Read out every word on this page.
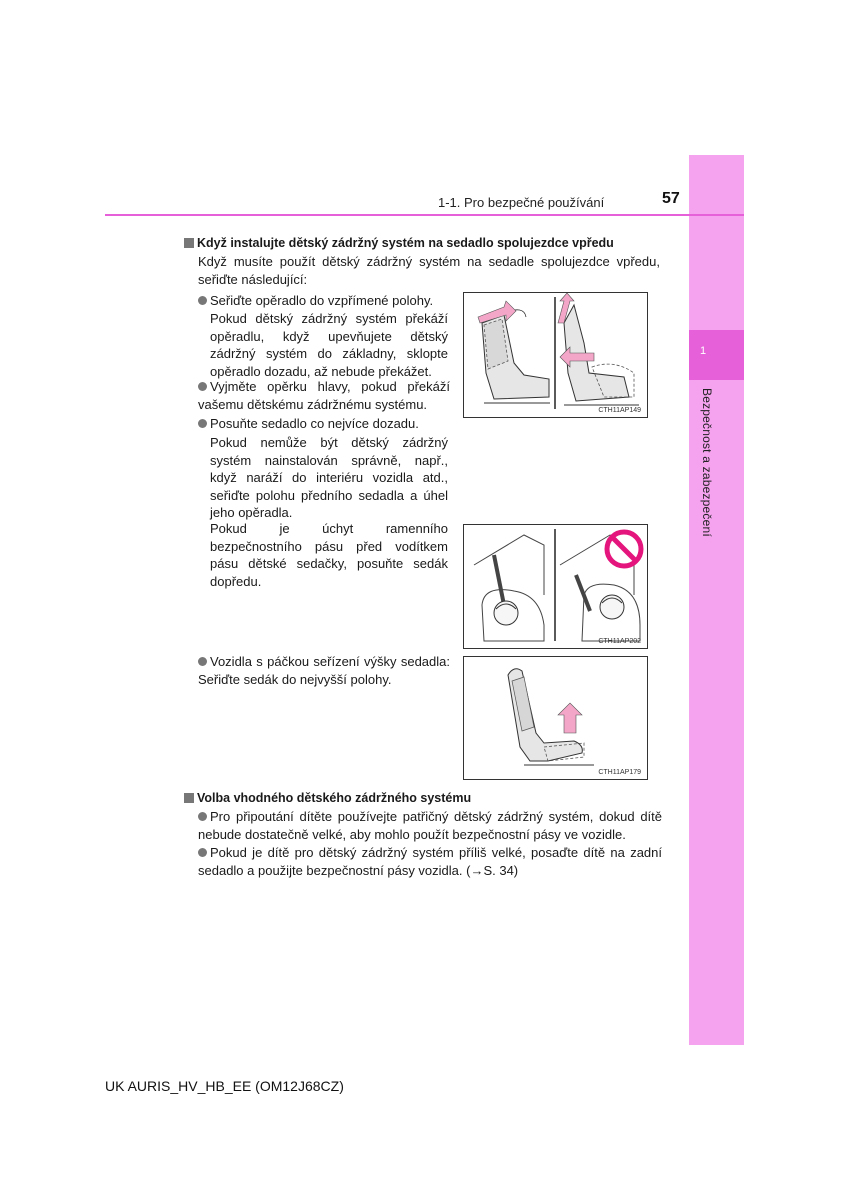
1
Bezpečnost a zabezpečení
1-1. Pro bezpečné používání	57
Když instalujte dětský zádržný systém na sedadlo spolujezdce vpředu
Když musíte použít dětský zádržný systém na sedadle spolujezdce vpředu, seřiďte následující:
Seřiďte opěradlo do vzpřímené polohy.
Pokud dětský zádržný systém překáží opěradlu, když upevňujete dětský zádržný systém do základny, sklopte opěradlo dozadu, až nebude překážet.
Vyjměte opěrku hlavy, pokud překáží vašemu dětskému zádržnému systému.
Posuňte sedadlo co nejvíce dozadu.
Pokud nemůže být dětský zádržný systém nainstalován správně, např., když naráží do interiéru vozidla atd., seřiďte polohu předního sedadla a úhel jeho opěradla.
Pokud je úchyt ramenního bezpečnostního pásu před vodítkem pásu dětské sedačky, posuňte sedák dopředu.
Vozidla s páčkou seřízení výšky sedadla: Seřiďte sedák do nejvyšší polohy.
CTH11AP149
CTH11AP202
CTH11AP179
Volba vhodného dětského zádržného systému
Pro připoutání dítěte používejte patřičný dětský zádržný systém, dokud dítě nebude dostatečně velké, aby mohlo použít bezpečnostní pásy ve vozidle.
Pokud je dítě pro dětský zádržný systém příliš velké, posaďte dítě na zadní sedadlo a použijte bezpečnostní pásy vozidla. (→S. 34)
UK AURIS_HV_HB_EE (OM12J68CZ)
